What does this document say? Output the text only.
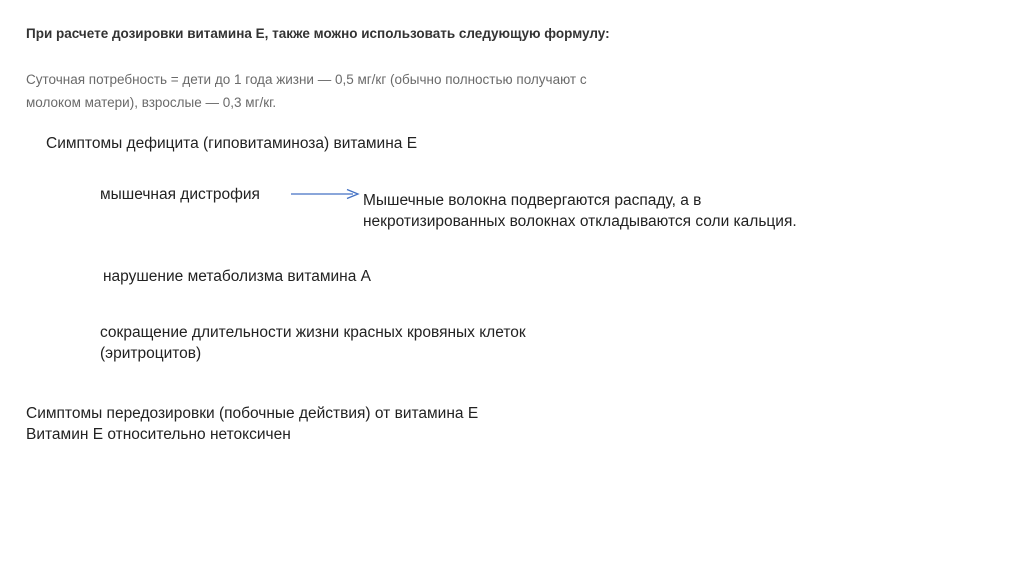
При расчете дозировки витамина E, также можно использовать следующую формулу:
Суточная потребность = дети до 1 года жизни — 0,5 мг/кг (обычно полностью получают с
молоком матери), взрослые — 0,3 мг/кг.
Симптомы дефицита (гиповитаминоза) витамина Е
мышечная дистрофия	Мышечные волокна подвергаются распаду, а в
некротизированных волокнах откладываются соли кальция.
нарушение метаболизма витамина А
сокращение длительности жизни красных кровяных клеток
(эритроцитов)
Симптомы передозировки (побочные действия) от витамина Е
Витамин Е относительно нетоксичен
